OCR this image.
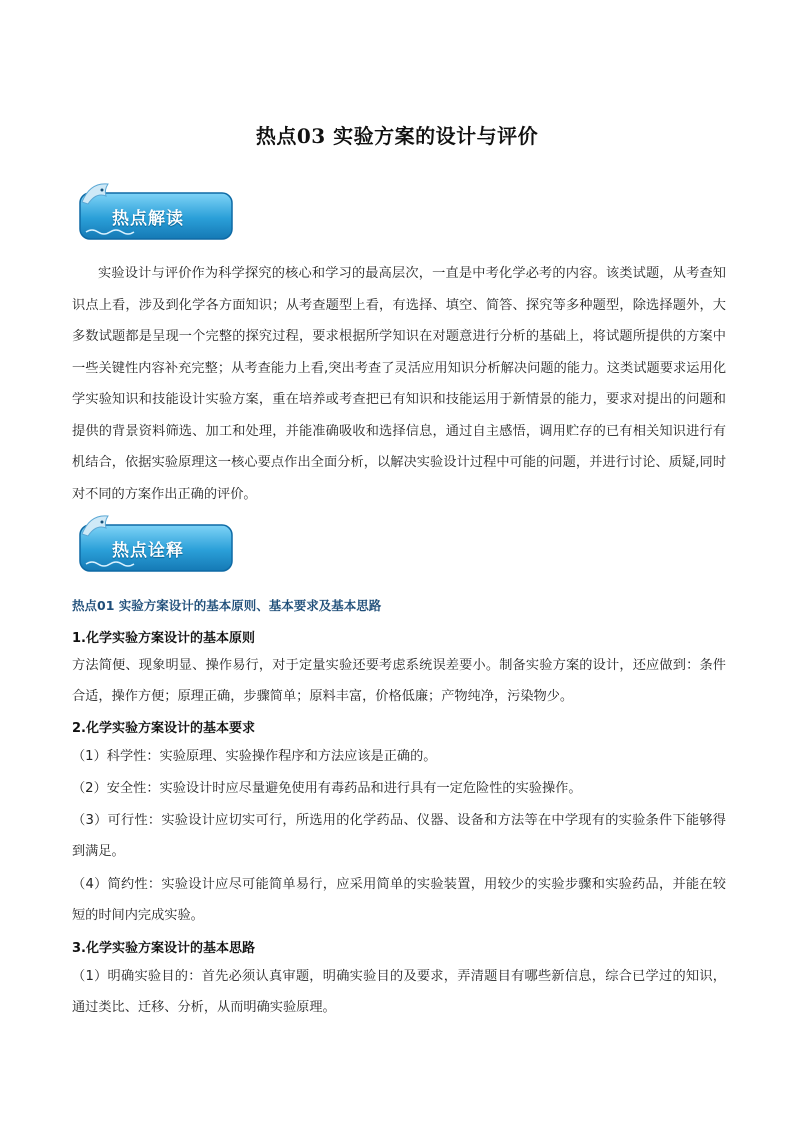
热点03 实验方案的设计与评价
热点解读
实验设计与评价作为科学探究的核心和学习的最高层次，一直是中考化学必考的内容。该类试题，从考查知识点上看，涉及到化学各方面知识；从考查题型上看，有选择、填空、简答、探究等多种题型，除选择题外，大多数试题都是呈现一个完整的探究过程，要求根据所学知识在对题意进行分析的基础上，将试题所提供的方案中一些关键性内容补充完整；从考查能力上看,突出考查了灵活应用知识分析解决问题的能力。这类试题要求运用化学实验知识和技能设计实验方案，重在培养或考查把已有知识和技能运用于新情景的能力，要求对提出的问题和提供的背景资料筛选、加工和处理，并能准确吸收和选择信息，通过自主感悟，调用贮存的已有相关知识进行有机结合，依据实验原理这一核心要点作出全面分析，以解决实验设计过程中可能的问题，并进行讨论、质疑,同时对不同的方案作出正确的评价。
热点诠释
热点01 实验方案设计的基本原则、基本要求及基本思路
1.化学实验方案设计的基本原则
方法简便、现象明显、操作易行，对于定量实验还要考虑系统误差要小。制备实验方案的设计，还应做到：条件合适，操作方便；原理正确，步骤简单；原料丰富，价格低廉；产物纯净，污染物少。
2.化学实验方案设计的基本要求
（1）科学性：实验原理、实验操作程序和方法应该是正确的。
（2）安全性：实验设计时应尽量避免使用有毒药品和进行具有一定危险性的实验操作。
（3）可行性：实验设计应切实可行，所选用的化学药品、仪器、设备和方法等在中学现有的实验条件下能够得到满足。
（4）简约性：实验设计应尽可能简单易行，应采用简单的实验装置，用较少的实验步骤和实验药品，并能在较短的时间内完成实验。
3.化学实验方案设计的基本思路
（1）明确实验目的：首先必须认真审题，明确实验目的及要求，弄清题目有哪些新信息，综合已学过的知识，通过类比、迁移、分析，从而明确实验原理。
